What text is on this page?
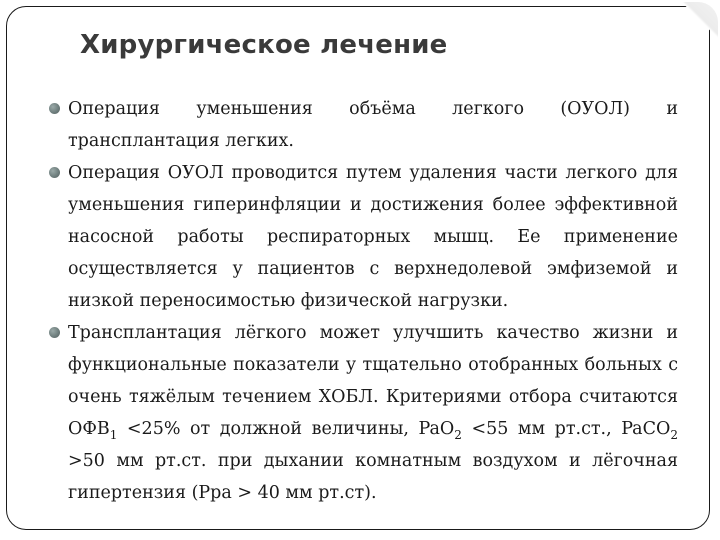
Хирургическое лечение

Операция уменьшения объёма легкого (ОУОЛ) и трансплантация легких.

Операция ОУОЛ проводится путем удаления части легкого для уменьшения гиперинфляции и достижения более эффективной насосной работы респираторных мышц. Ее применение осуществляется у пациентов с верхнедолевой эмфиземой и низкой переносимостью физической нагрузки.

Трансплантация лёгкого может улучшить качество жизни и функциональные показатели у тщательно отобранных больных с очень тяжёлым течением ХОБЛ. Критериями отбора считаются $ОФВ_1 <25\%$ от должной величины, PaO$_2$ <55 мм рт.ст., PaCO$_2$ >50 мм рт.ст. при дыхании комнатным воздухом и лёгочная гипертензия (Ppa > 40 мм рт.ст).
